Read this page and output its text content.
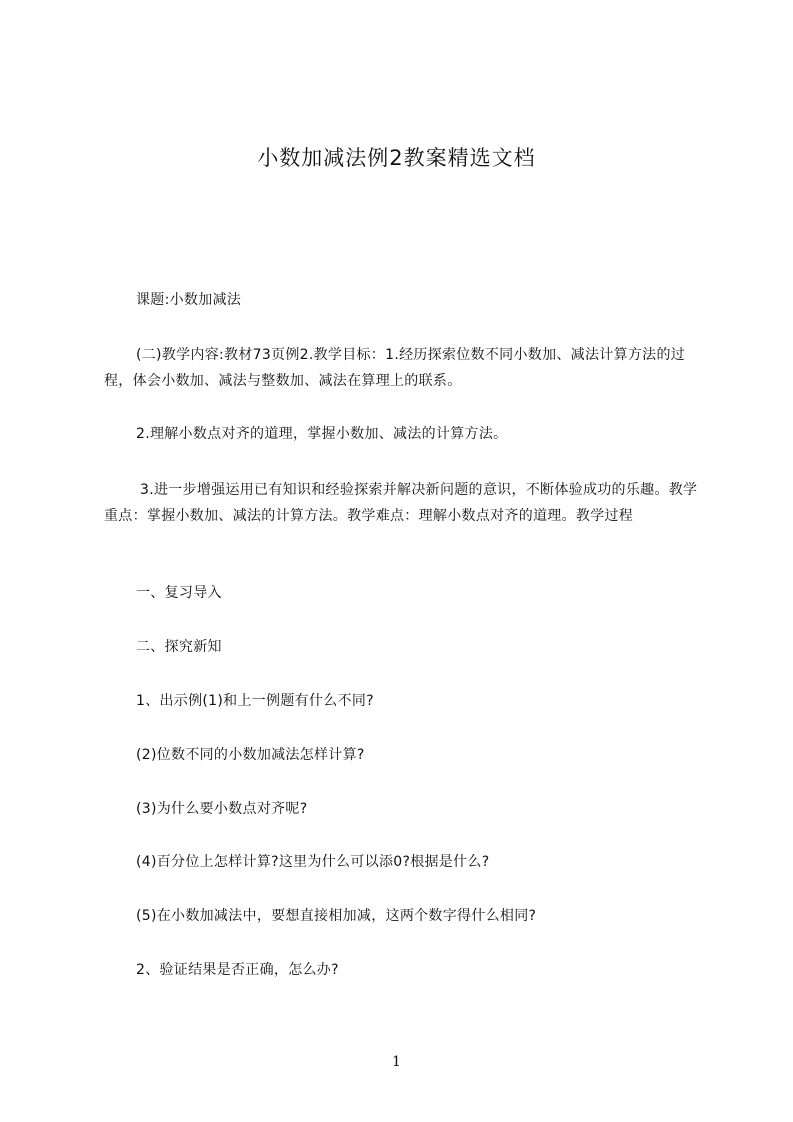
小数加减法例2教案精选文档
课题:小数加减法
(二)教学内容:教材73页例2.教学目标：1.经历探索位数不同小数加、减法计算方法的过程，体会小数加、减法与整数加、减法在算理上的联系。
2.理解小数点对齐的道理，掌握小数加、减法的计算方法。
3.进一步增强运用已有知识和经验探索并解决新问题的意识，不断体验成功的乐趣。教学重点：掌握小数加、减法的计算方法。教学难点：理解小数点对齐的道理。教学过程
一、复习导入
二、探究新知
1、出示例(1)和上一例题有什么不同?
(2)位数不同的小数加减法怎样计算?
(3)为什么要小数点对齐呢?
(4)百分位上怎样计算?这里为什么可以添0?根据是什么?
(5)在小数加减法中，要想直接相加减，这两个数字得什么相同?
2、验证结果是否正确，怎么办?
1
